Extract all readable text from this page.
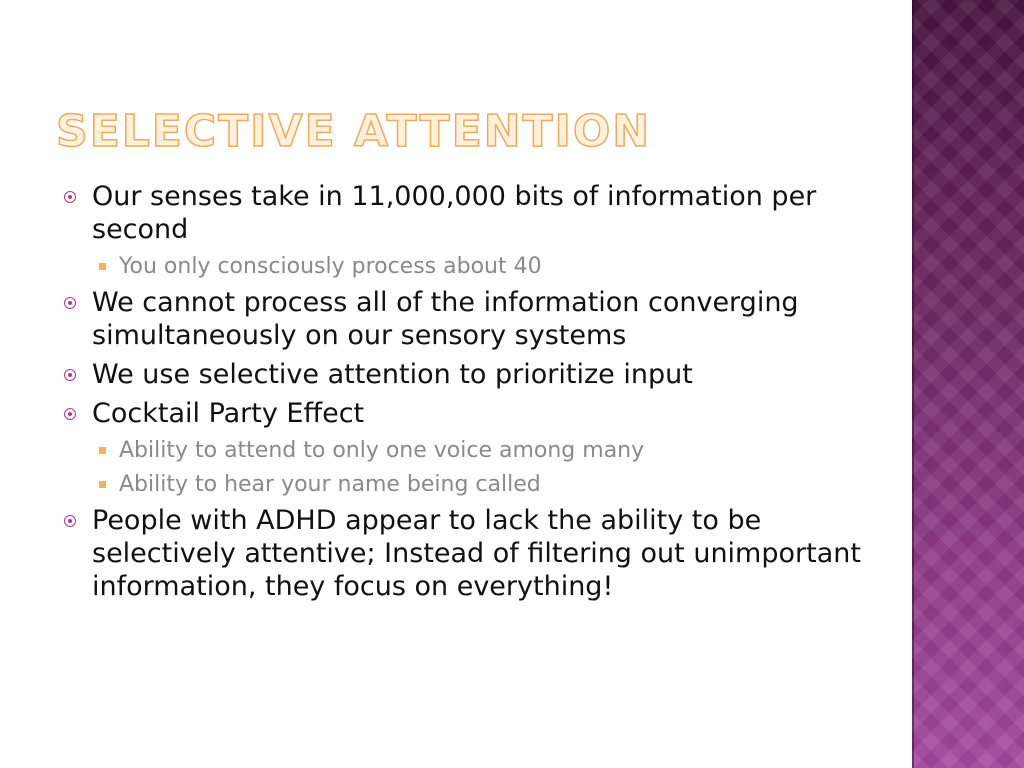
SELECTIVE ATTENTION
Our senses take in 11,000,000 bits of information per second
You only consciously process about 40
We cannot process all of the information converging simultaneously on our sensory systems
We use selective attention to prioritize input
Cocktail Party Effect
Ability to attend to only one voice among many
Ability to hear your name being called
People with ADHD appear to lack the ability to be selectively attentive; Instead of filtering out unimportant information, they focus on everything!
